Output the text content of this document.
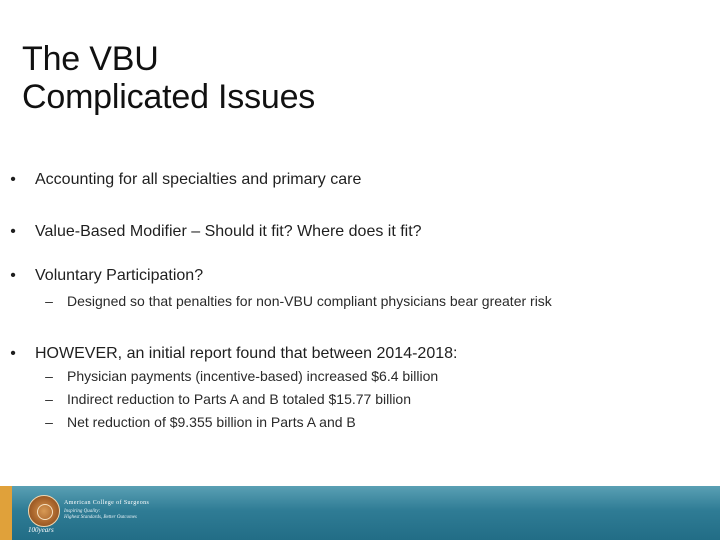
The VBU
Complicated Issues
• Accounting for all specialties and primary care
• Value-Based Modifier – Should it fit? Where does it fit?
• Voluntary Participation?
– Designed so that penalties for non-VBU compliant physicians bear greater risk
• HOWEVER, an initial report found that between 2014-2018:
– Physician payments (incentive-based) increased $6.4 billion
– Indirect reduction to Parts A and B totaled $15.77 billion
– Net reduction of $9.355 billion in Parts A and B
American College of Surgeons
Inspiring Quality:
Highest Standards, Better Outcomes
100years
